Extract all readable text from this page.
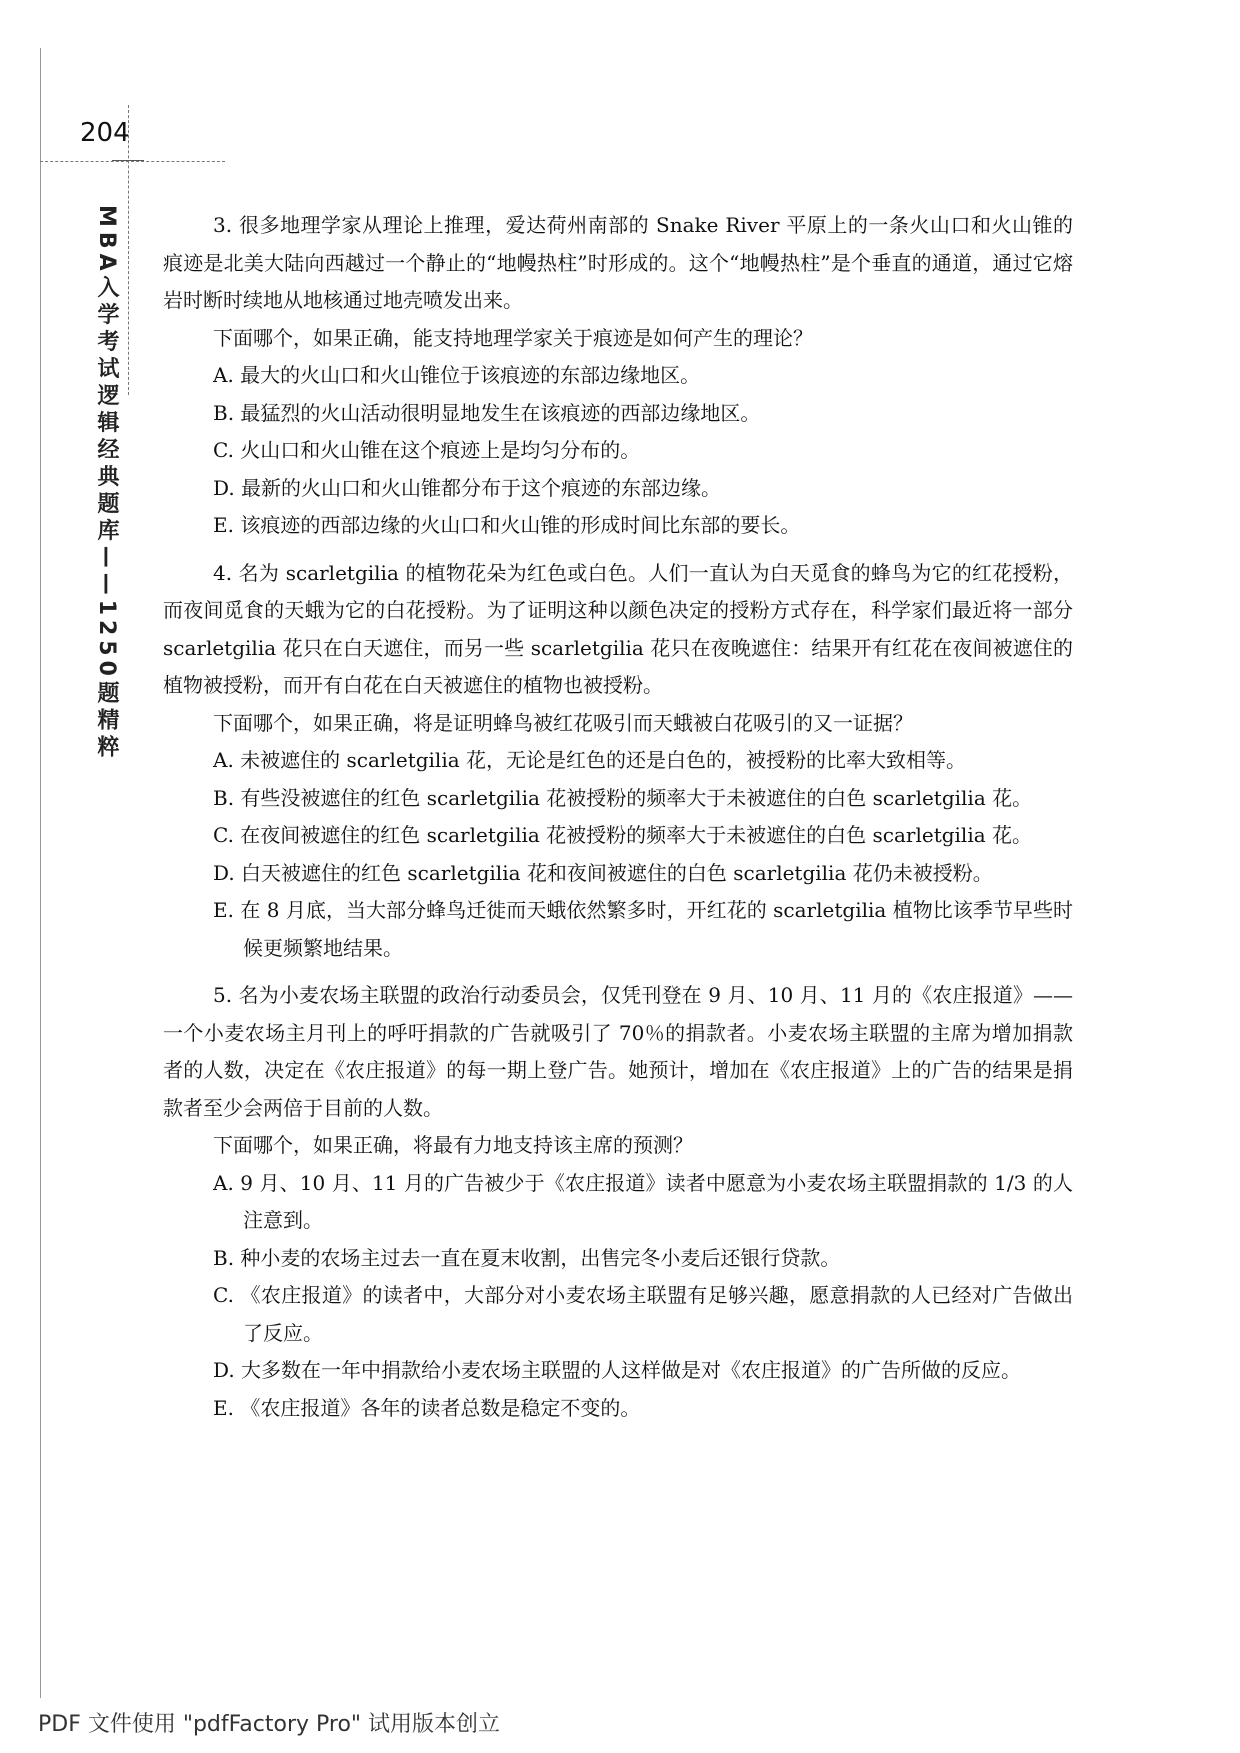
204
MBA入学考试逻辑经典题库——1250题精粹	3. 很多地理学家从理论上推理，爱达荷州南部的 Snake River 平原上的一条火山口和火山锥的痕迹是北美大陆向西越过一个静止的“地幔热柱”时形成的。这个“地幔热柱”是个垂直的通道，通过它熔岩时断时续地从地核通过地壳喷发出来。

下面哪个，如果正确，能支持地理学家关于痕迹是如何产生的理论？

A. 最大的火山口和火山锥位于该痕迹的东部边缘地区。

B. 最猛烈的火山活动很明显地发生在该痕迹的西部边缘地区。

C. 火山口和火山锥在这个痕迹上是均匀分布的。

D. 最新的火山口和火山锥都分布于这个痕迹的东部边缘。

E. 该痕迹的西部边缘的火山口和火山锥的形成时间比东部的要长。

4. 名为 scarletgilia 的植物花朵为红色或白色。人们一直认为白天觅食的蜂鸟为它的红花授粉，而夜间觅食的天蛾为它的白花授粉。为了证明这种以颜色决定的授粉方式存在，科学家们最近将一部分 scarletgilia 花只在白天遮住，而另一些 scarletgilia 花只在夜晚遮住：结果开有红花在夜间被遮住的植物被授粉，而开有白花在白天被遮住的植物也被授粉。

下面哪个，如果正确，将是证明蜂鸟被红花吸引而天蛾被白花吸引的又一证据？

A. 未被遮住的 scarletgilia 花，无论是红色的还是白色的，被授粉的比率大致相等。

B. 有些没被遮住的红色 scarletgilia 花被授粉的频率大于未被遮住的白色 scarletgilia 花。

C. 在夜间被遮住的红色 scarletgilia 花被授粉的频率大于未被遮住的白色 scarletgilia 花。

D. 白天被遮住的红色 scarletgilia 花和夜间被遮住的白色 scarletgilia 花仍未被授粉。

E. 在 8 月底，当大部分蜂鸟迁徙而天蛾依然繁多时，开红花的 scarletgilia 植物比该季节早些时候更频繁地结果。

5. 名为小麦农场主联盟的政治行动委员会，仅凭刊登在 9 月、10 月、11 月的《农庄报道》——一个小麦农场主月刊上的呼吁捐款的广告就吸引了 70％的捐款者。小麦农场主联盟的主席为增加捐款者的人数，决定在《农庄报道》的每一期上登广告。她预计，增加在《农庄报道》上的广告的结果是捐款者至少会两倍于目前的人数。

下面哪个，如果正确，将最有力地支持该主席的预测？

A. 9 月、10 月、11 月的广告被少于《农庄报道》读者中愿意为小麦农场主联盟捐款的 1/3 的人注意到。

B. 种小麦的农场主过去一直在夏末收割，出售完冬小麦后还银行贷款。

C. 《农庄报道》的读者中，大部分对小麦农场主联盟有足够兴趣，愿意捐款的人已经对广告做出了反应。

D. 大多数在一年中捐款给小麦农场主联盟的人这样做是对《农庄报道》的广告所做的反应。

E. 《农庄报道》各年的读者总数是稳定不变的。

PDF 文件使用 "pdfFactory Pro" 试用版本创立
